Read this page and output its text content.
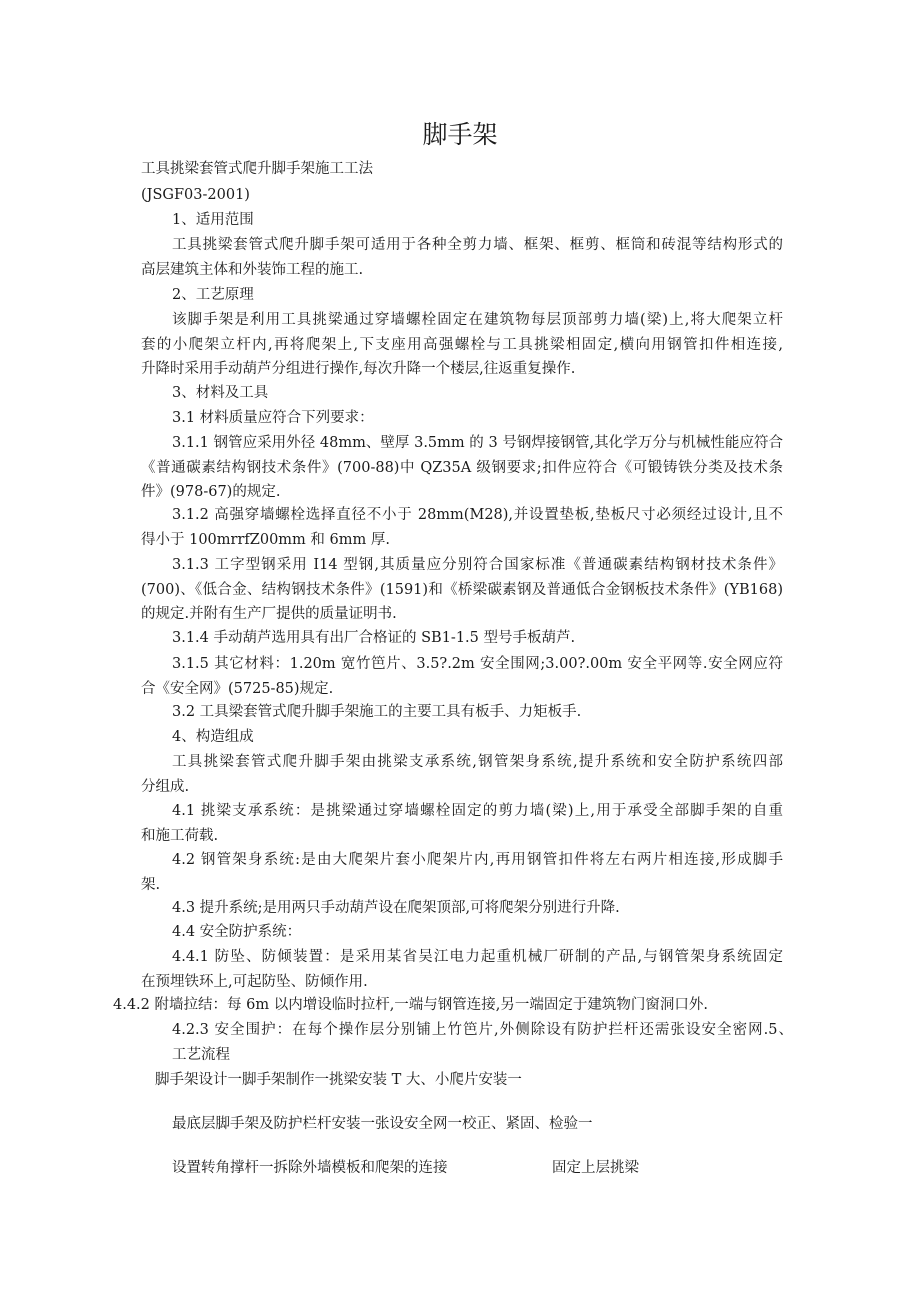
脚手架
工具挑梁套管式爬升脚手架施工工法
(JSGF03-2001)
1、适用范围
工具挑梁套管式爬升脚手架可适用于各种全剪力墙、框架、框剪、框筒和砖混等结构形式的
高层建筑主体和外装饰工程的施工.
2、工艺原理
该脚手架是利用工具挑梁通过穿墙螺栓固定在建筑物每层顶部剪力墙(梁)上,将大爬架立杆
套的小爬架立杆内,再将爬架上,下支座用高强螺栓与工具挑梁相固定,横向用钢管扣件相连接,
升降时采用手动葫芦分组进行操作,每次升降一个楼层,往返重复操作.
3、材料及工具
3.1 材料质量应符合下列要求：
3.1.1 钢管应采用外径 48mm、壁厚 3.5mm 的 3 号钢焊接钢管,其化学万分与机械性能应符合
《普通碳素结构钢技术条件》(700-88)中 QZ35A 级钢要求;扣件应符合《可锻铸铁分类及技术条
件》(978-67)的规定.
3.1.2 高强穿墙螺栓选择直径不小于 28mm(M28),并设置垫板,垫板尺寸必须经过设计,且不
得小于 100mrrfZ00mm 和 6mm 厚.
3.1.3 工字型钢采用 I14 型钢,其质量应分别符合国家标准《普通碳素结构钢材技术条件》
(700)、《低合金、结构钢技术条件》(1591)和《桥梁碳素钢及普通低合金钢板技术条件》(YB168)
的规定.并附有生产厂提供的质量证明书.
3.1.4 手动葫芦选用具有出厂合格证的 SB1-1.5 型号手板葫芦.
3.1.5 其它材料：1.20m 宽竹笆片、3.5?.2m 安全围网;3.00?.00m 安全平网等.安全网应符
合《安全网》(5725-85)规定.
3.2 工具梁套管式爬升脚手架施工的主要工具有板手、力矩板手.
4、构造组成
工具挑梁套管式爬升脚手架由挑梁支承系统,钢管架身系统,提升系统和安全防护系统四部
分组成.
4.1 挑梁支承系统：是挑梁通过穿墙螺栓固定的剪力墙(梁)上,用于承受全部脚手架的自重
和施工荷载.
4.2 钢管架身系统:是由大爬架片套小爬架片内,再用钢管扣件将左右两片相连接,形成脚手
架.
4.3 提升系统;是用两只手动葫芦设在爬架顶部,可将爬架分别进行升降.
4.4 安全防护系统：
4.4.1 防坠、防倾装置：是采用某省吴江电力起重机械厂研制的产品,与钢管架身系统固定
在预埋铁环上,可起防坠、防倾作用.
4.4.2 附墙拉结：每 6m 以内增设临时拉杆,一端与钢管连接,另一端固定于建筑物门窗洞口外.
4.2.3 安全围护：在每个操作层分别铺上竹笆片,外侧除设有防护拦杆还需张设安全密网.5、
工艺流程
脚手架设计一脚手架制作一挑梁安装 T 大、小爬片安装一
最底层脚手架及防护栏杆安装一张设安全网一校正、紧固、检验一
设置转角撑杆一拆除外墙模板和爬架的连接	固定上层挑梁
